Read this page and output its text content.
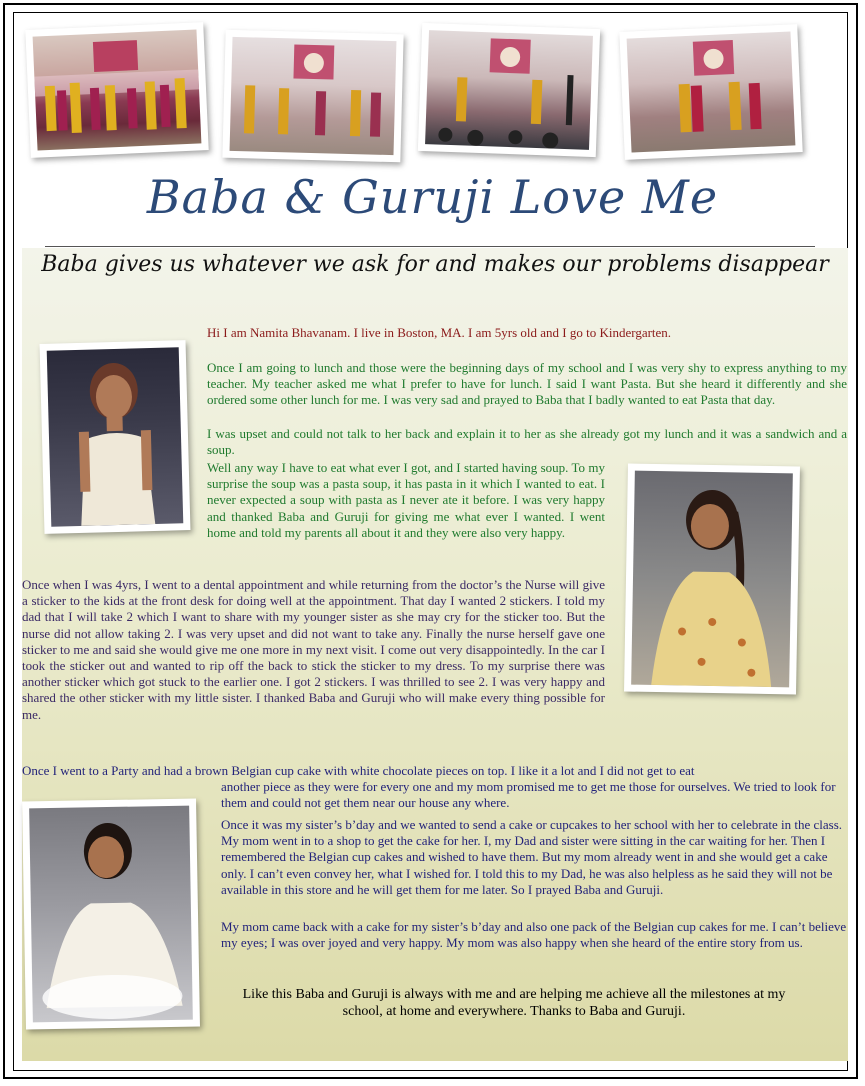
Baba & Guruji Love Me
Baba gives us whatever we ask for and makes our problems disappear

Hi I am Namita Bhavanam. I live in Boston, MA. I am 5yrs old and I go to Kindergarten.

Once I am going to lunch and those were the beginning days of my school and I was very shy to express anything to my teacher. My teacher asked me what I prefer to have for lunch. I said I want Pasta. But she heard it differently and she ordered some other lunch for me. I was very sad and prayed to Baba that I badly wanted to eat Pasta that day.

I was upset and could not talk to her back and explain it to her as she already got my lunch and it was a sandwich and a soup.

Well any way I have to eat what ever I got, and I started having soup. To my surprise the soup was a pasta soup, it has pasta in it which I wanted to eat. I never expected a soup with pasta as I never ate it before. I was very happy and thanked Baba and Guruji for giving me what ever I wanted. I went home and told my parents all about it and they were also very happy.

Once when I was 4yrs, I went to a dental appointment and while returning from the doctor’s the Nurse will give a sticker to the kids at the front desk for doing well at the appointment. That day I wanted 2 stickers. I told my dad that I will take 2 which I want to share with my younger sister as she may cry for the sticker too. But the nurse did not allow taking 2. I was very upset and did not want to take any. Finally the nurse herself gave one sticker to me and said she would give me one more in my next visit. I come out very disappointedly. In the car I took the sticker out and wanted to rip off the back to stick the sticker to my dress. To my surprise there was another sticker which got stuck to the earlier one. I got 2 stickers. I was thrilled to see 2. I was very happy and shared the other sticker with my little sister. I thanked Baba and Guruji who will make every thing possible for me.

Once I went to a Party and had a brown Belgian cup cake with white chocolate pieces on top. I like it a lot and I did not get to eat

another piece as they were for every one and my mom promised me to get me those for ourselves. We tried to look for them and could not get them near our house any where.

Once it was my sister’s b’day and we wanted to send a cake or cupcakes to her school with her to celebrate in the class. My mom went in to a shop to get the cake for her. I, my Dad and sister were sitting in the car waiting for her. Then I remembered the Belgian cup cakes and wished to have them. But my mom already went in and she would get a cake only. I can’t even convey her, what I wished for. I told this to my Dad, he was also helpless as he said they will not be available in this store and he will get them for me later. So I prayed Baba and Guruji.

My mom came back with a cake for my sister’s b’day and also one pack of the Belgian cup cakes for me. I can’t believe my eyes; I was over joyed and very happy. My mom was also happy when she heard of the entire story from us.

Like this Baba and Guruji is always with me and are helping me achieve all the milestones at my school, at home and everywhere. Thanks to Baba and Guruji.
